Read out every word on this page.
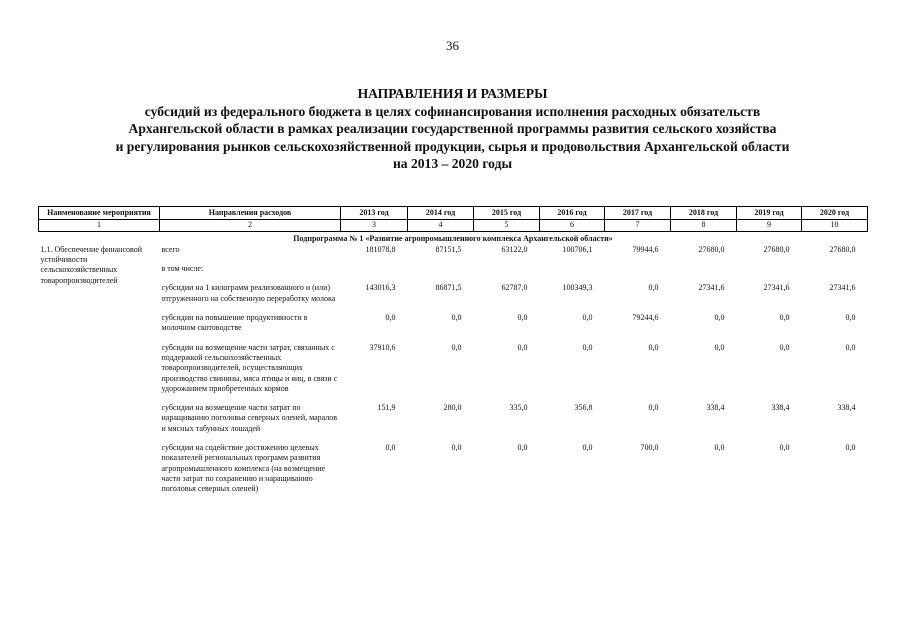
36
НАПРАВЛЕНИЯ И РАЗМЕРЫ
субсидий из федерального бюджета в целях софинансирования исполнения расходных обязательств
Архангельской области в рамках реализации государственной программы развития сельского хозяйства
и регулирования рынков сельскохозяйственной продукции, сырья и продовольствия Архангельской области
на 2013 – 2020 годы
Наименование мероприятия	Направления расходов	2013 год	2014 год	2015 год	2016 год	2017 год	2018 год	2019 год	2020 год
1	2	3	4	5	6	7	8	9	10
Подпрограмма № 1 «Развитие агропромышленного комплекса Архангельской области»									
1.1. Обеспечение финансовой устойчивости сельскохозяйственных товаропроизводителей	всего	181078,8	87151,5	63122,0	100706,1	79944,6	27680,0	27680,0	27680,0
	в том числе:								
	субсидии на 1 килограмм реализованного и (или) отгруженного на собственную переработку молока	143016,3	86871,5	62787,0	100349,3	0,0	27341,6	27341,6	27341,6
	субсидии на повышение продуктивности в молочном скотоводстве	0,0	0,0	0,0	0,0	79244,6	0,0	0,0	0,0
	субсидии на возмещение части затрат, связанных с поддержкой сельскохозяйственных товаропроизводителей, осуществляющих производство свинины, мяса птицы и яиц, в связи с удорожанием приобретенных кормов	37910,6	0,0	0,0	0,0	0,0	0,0	0,0	0,0
	субсидии на возмещение части затрат по наращиванию поголовья северных оленей, маралов и мясных табунных лошадей	151,9	280,0	335,0	356,8	0,0	338,4	338,4	338,4
	субсидии на содействие достижению целевых показателей региональных программ развития агропромышленного комплекса (на возмещение части затрат по сохранению и наращиванию поголовья северных оленей)	0,0	0,0	0,0	0,0	700,0	0,0	0,0	0,0
